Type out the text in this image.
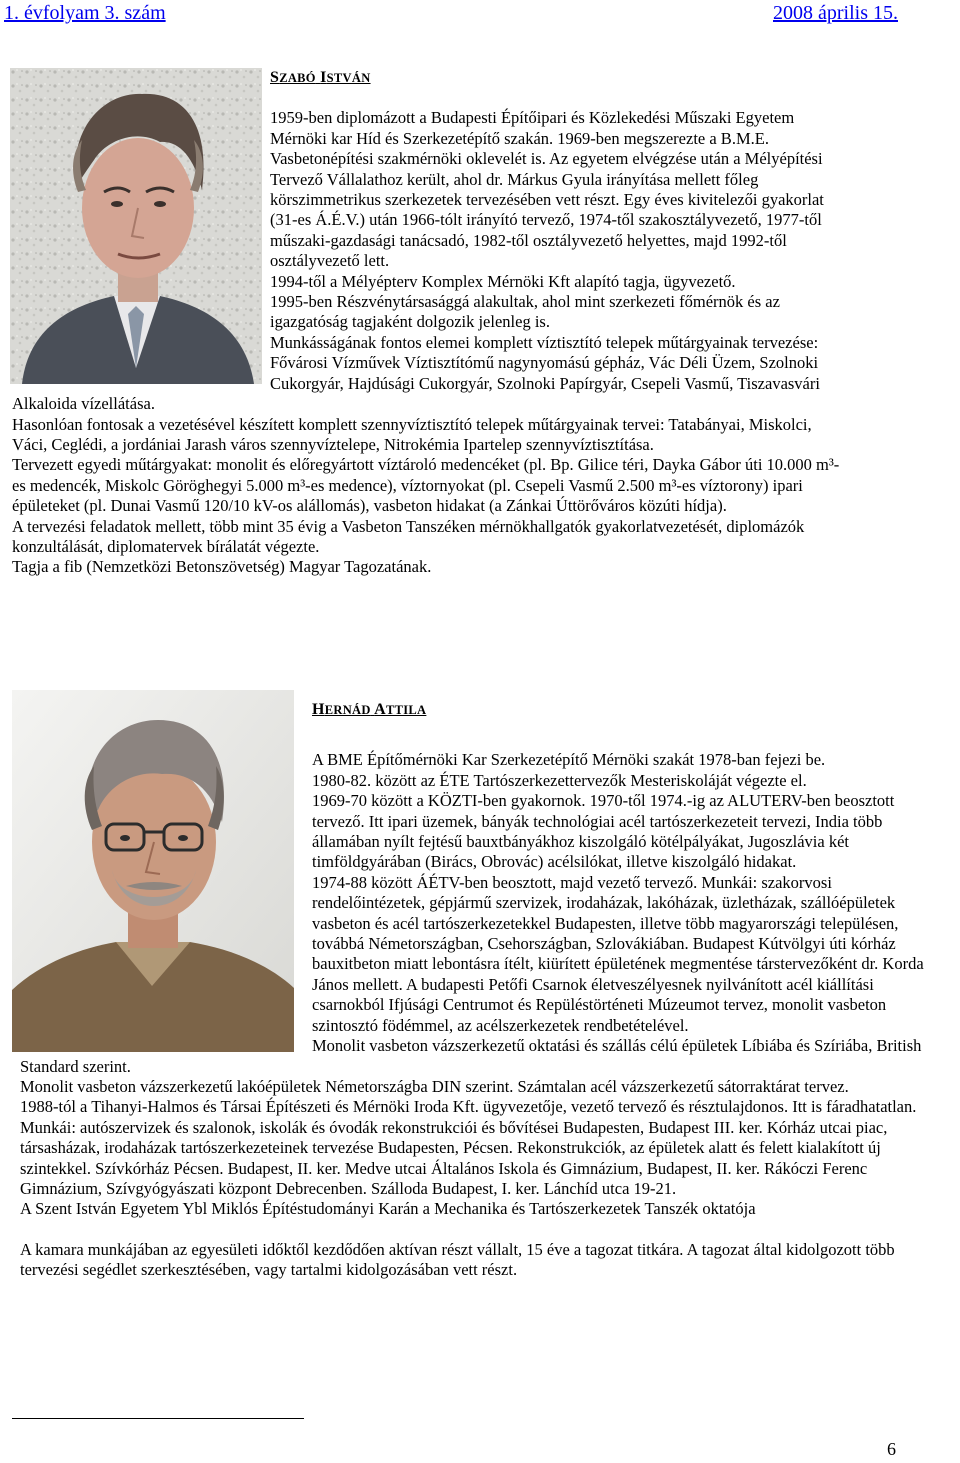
1. évfolyam 3. szám	2008 április 15.
SZABÓ ISTVÁN

1959-ben diplomázott a Budapesti Építőipari és Közlekedési Műszaki Egyetem Mérnöki kar Híd és Szerkezetépítő szakán. 1969-ben megszerezte a B.M.E. Vasbetonépítési szakmérnöki oklevelét is. Az egyetem elvégzése után a Mélyépítési Tervező Vállalathoz került, ahol dr. Márkus Gyula irányítása mellett főleg körszimmetrikus szerkezetek tervezésében vett részt. Egy éves kivitelezői gyakorlat (31-es Á.É.V.) után 1966-tólt irányító tervező, 1974-től szakosztályvezető, 1977-től műszaki-gazdasági tanácsadó, 1982-től osztályvezető helyettes, majd 1992-től osztályvezető lett.

1994-től a Mélyépterv Komplex Mérnöki Kft alapító tagja, ügyvezető.

1995-ben Részvénytársasággá alakultak, ahol mint szerkezeti főmérnök és az igazgatóság tagjaként dolgozik jelenleg is.

Munkásságának fontos elemei komplett víztisztító telepek műtárgyainak tervezése: Fővárosi Vízművek Víztisztítómű nagynyomású gépház, Vác Déli Üzem, Szolnoki Cukorgyár, Hajdúsági Cukorgyár, Szolnoki Papírgyár, Csepeli Vasmű, Tiszavasvári Alkaloida vízellátása.

Hasonlóan fontosak a vezetésével készített komplett szennyvíztisztító telepek műtárgyainak tervei: Tatabányai, Miskolci, Váci, Ceglédi, a jordániai Jarash város szennyvíztelepe, Nitrokémia Ipartelep szennyvíztisztítása.

Tervezett egyedi műtárgyakat: monolit és előregyártott víztároló medencéket (pl. Bp. Gilice téri, Dayka Gábor úti 10.000 m³-es medencék, Miskolc Göröghegyi 5.000 m³-es medence), víztornyokat (pl. Csepeli Vasmű 2.500 m³-es víztorony) ipari épületeket (pl. Dunai Vasmű 120/10 kV-os alállomás), vasbeton hidakat (a Zánkai Úttörőváros közúti hídja).

A tervezési feladatok mellett, több mint 35 évig a Vasbeton Tanszéken mérnökhallgatók gyakorlatvezetését, diplomázók konzultálását, diplomatervek bírálatát végezte.

Tagja a fib (Nemzetközi Betonszövetség) Magyar Tagozatának.

HERNÁD ATTILA

A BME Építőmérnöki Kar Szerkezetépítő Mérnöki szakát 1978-ban fejezi be.

1980-82. között az ÉTE Tartószerkezettervezők Mesteriskoláját végezte el.

1969-70 között a KÖZTI-ben gyakornok. 1970-től 1974.-ig az ALUTERV-ben beosztott tervező. Itt ipari üzemek, bányák technológiai acél tartószerkezeteit tervezi, India több államában nyílt fejtésű bauxtbányákhoz kiszolgáló kötélpályákat, Jugoszlávia két timföldgyárában (Birács, Obrovác) acélsilókat, illetve kiszolgáló hidakat.

1974-88 között ÁÉTV-ben beosztott, majd vezető tervező. Munkái: szakorvosi rendelőintézetek, gépjármű szervizek, irodaházak, lakóházak, üzletházak, szállóépületek vasbeton és acél tartószerkezetekkel Budapesten, illetve több magyarországi településen, továbbá Németországban, Csehországban, Szlovákiában. Budapest Kútvölgyi úti kórház bauxitbeton miatt lebontásra ítélt, kiürített épületének megmentése társtervezőként dr. Korda János mellett. A budapesti Petőfi Csarnok életveszélyesnek nyilvánított acél kiállítási csarnokból Ifjúsági Centrumot és Repüléstörténeti Múzeumot tervez, monolit vasbeton szintosztó födémmel, az acélszerkezetek rendbetételével.

Monolit vasbeton vázszerkezetű oktatási és szállás célú épületek Líbiába és Szíriába, British Standard szerint.

Monolit vasbeton vázszerkezetű lakóépületek Németországba DIN szerint. Számtalan acél vázszerkezetű sátorraktárat tervez.

1988-tól a Tihanyi-Halmos és Társai Építészeti és Mérnöki Iroda Kft. ügyvezetője, vezető tervező és résztulajdonos. Itt is fáradhatatlan. Munkái: autószervizek és szalonok, iskolák és óvodák rekonstrukciói és bővítései Budapesten, Budapest III. ker. Kórház utcai piac, társasházak, irodaházak tartószerkezeteinek tervezése Budapesten, Pécsen. Rekonstrukciók, az épületek alatt és felett kialakított új szintekkel. Szívkórház Pécsen. Budapest, II. ker. Medve utcai Általános Iskola és Gimnázium, Budapest, II. ker. Rákóczi Ferenc Gimnázium, Szívgyógyászati központ Debrecenben. Szálloda Budapest, I. ker. Lánchíd utca 19-21.

A Szent István Egyetem Ybl Miklós Építéstudományi Karán a Mechanika és Tartószerkezetek Tanszék oktatója

A kamara munkájában az egyesületi időktől kezdődően aktívan részt vállalt, 15 éve a tagozat titkára. A tagozat által kidolgozott több tervezési segédlet szerkesztésében, vagy tartalmi kidolgozásában vett részt.

6
